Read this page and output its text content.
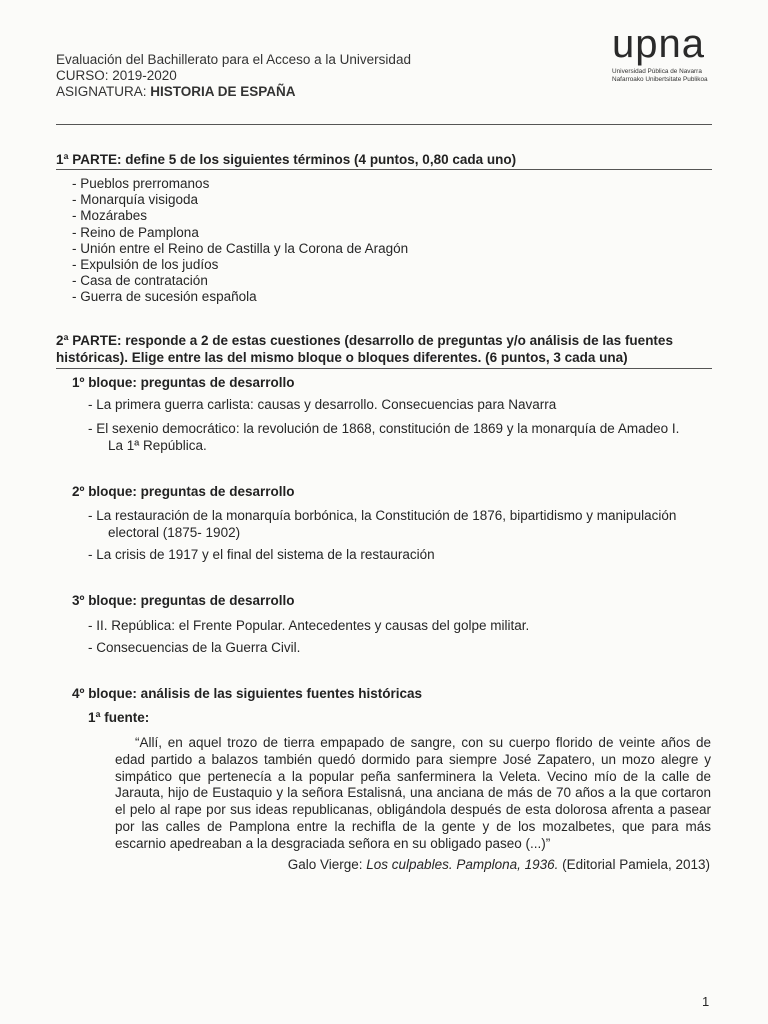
Evaluación del Bachillerato para el Acceso a la Universidad
CURSO: 2019-2020
ASIGNATURA: HISTORIA DE ESPAÑA
upna
Universidad Pública de Navarra
Nafarroako Unibertsitate Publikoa
1ª PARTE: define 5 de los siguientes términos (4 puntos, 0,80 cada uno)
- Pueblos prerromanos
- Monarquía visigoda
- Mozárabes
- Reino de Pamplona
- Unión entre el Reino de Castilla y la Corona de Aragón
- Expulsión de los judíos
- Casa de contratación
- Guerra de sucesión española
2ª PARTE: responde a 2 de estas cuestiones (desarrollo de preguntas y/o análisis de las fuentes
históricas). Elige entre las del mismo bloque o bloques diferentes. (6 puntos, 3 cada una)
1º bloque: preguntas de desarrollo
- La primera guerra carlista: causas y desarrollo. Consecuencias para Navarra
- El sexenio democrático: la revolución de 1868, constitución de 1869 y la monarquía de Amadeo I.
La 1ª República.
2º bloque: preguntas de desarrollo
- La restauración de la monarquía borbónica, la Constitución de 1876, bipartidismo y manipulación
electoral (1875- 1902)
- La crisis de 1917 y el final del sistema de la restauración
3º bloque: preguntas de desarrollo
- II. República: el Frente Popular. Antecedentes y causas del golpe militar.
- Consecuencias de la Guerra Civil.
4º bloque: análisis de las siguientes fuentes históricas
1ª fuente:
“Allí, en aquel trozo de tierra empapado de sangre, con su cuerpo florido de veinte años de edad partido a balazos también quedó dormido para siempre José Zapatero, un mozo alegre y simpático que pertenecía a la popular peña sanferminera la Veleta. Vecino mío de la calle de Jarauta, hijo de Eustaquio y la señora Estalisná, una anciana de más de 70 años a la que cortaron el pelo al rape por sus ideas republicanas, obligándola después de esta dolorosa afrenta a pasear por las calles de Pamplona entre la rechifla de la gente y de los mozalbetes, que para más escarnio apedreaban a la desgraciada señora en su obligado paseo (...)”
Galo Vierge: Los culpables. Pamplona, 1936. (Editorial Pamiela, 2013)
1
